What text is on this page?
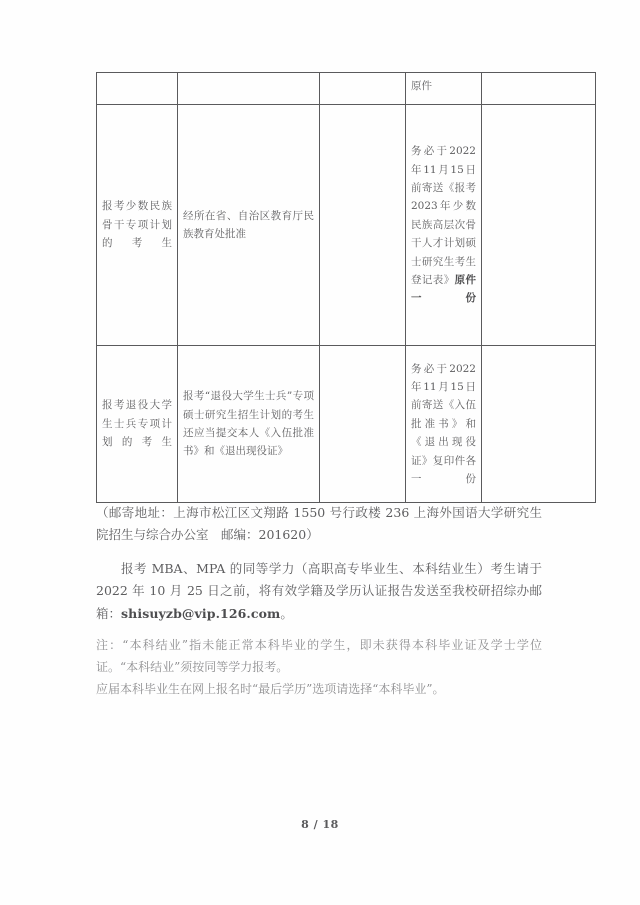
			原件	
报考少数民族骨干专项计划的考生	经所在省、自治区教育厅民族教育处批准		务必于2022年11月15日前寄送《报考2023年少数民族高层次骨干人才计划硕士研究生考生登记表》原件一份	
报考退役大学生士兵专项计划的考生	报考“退役大学生士兵”专项硕士研究生招生计划的考生还应当提交本人《入伍批准书》和《退出现役证》		务必于2022年11月15日前寄送《入伍批准书》和《退出现役证》复印件各一份	
（邮寄地址：上海市松江区文翔路 1550 号行政楼 236 上海外国语大学研究生院招生与综合办公室　邮编：201620）
报考 MBA、MPA 的同等学力（高职高专毕业生、本科结业生）考生请于 2022 年 10 月 25 日之前，将有效学籍及学历认证报告发送至我校研招综办邮箱：shisuyzb@vip.126.com。
注：“本科结业”指未能正常本科毕业的学生，即未获得本科毕业证及学士学位证。“本科结业”须按同等学力报考。
应届本科毕业生在网上报名时“最后学历”选项请选择“本科毕业”。
8 / 18
